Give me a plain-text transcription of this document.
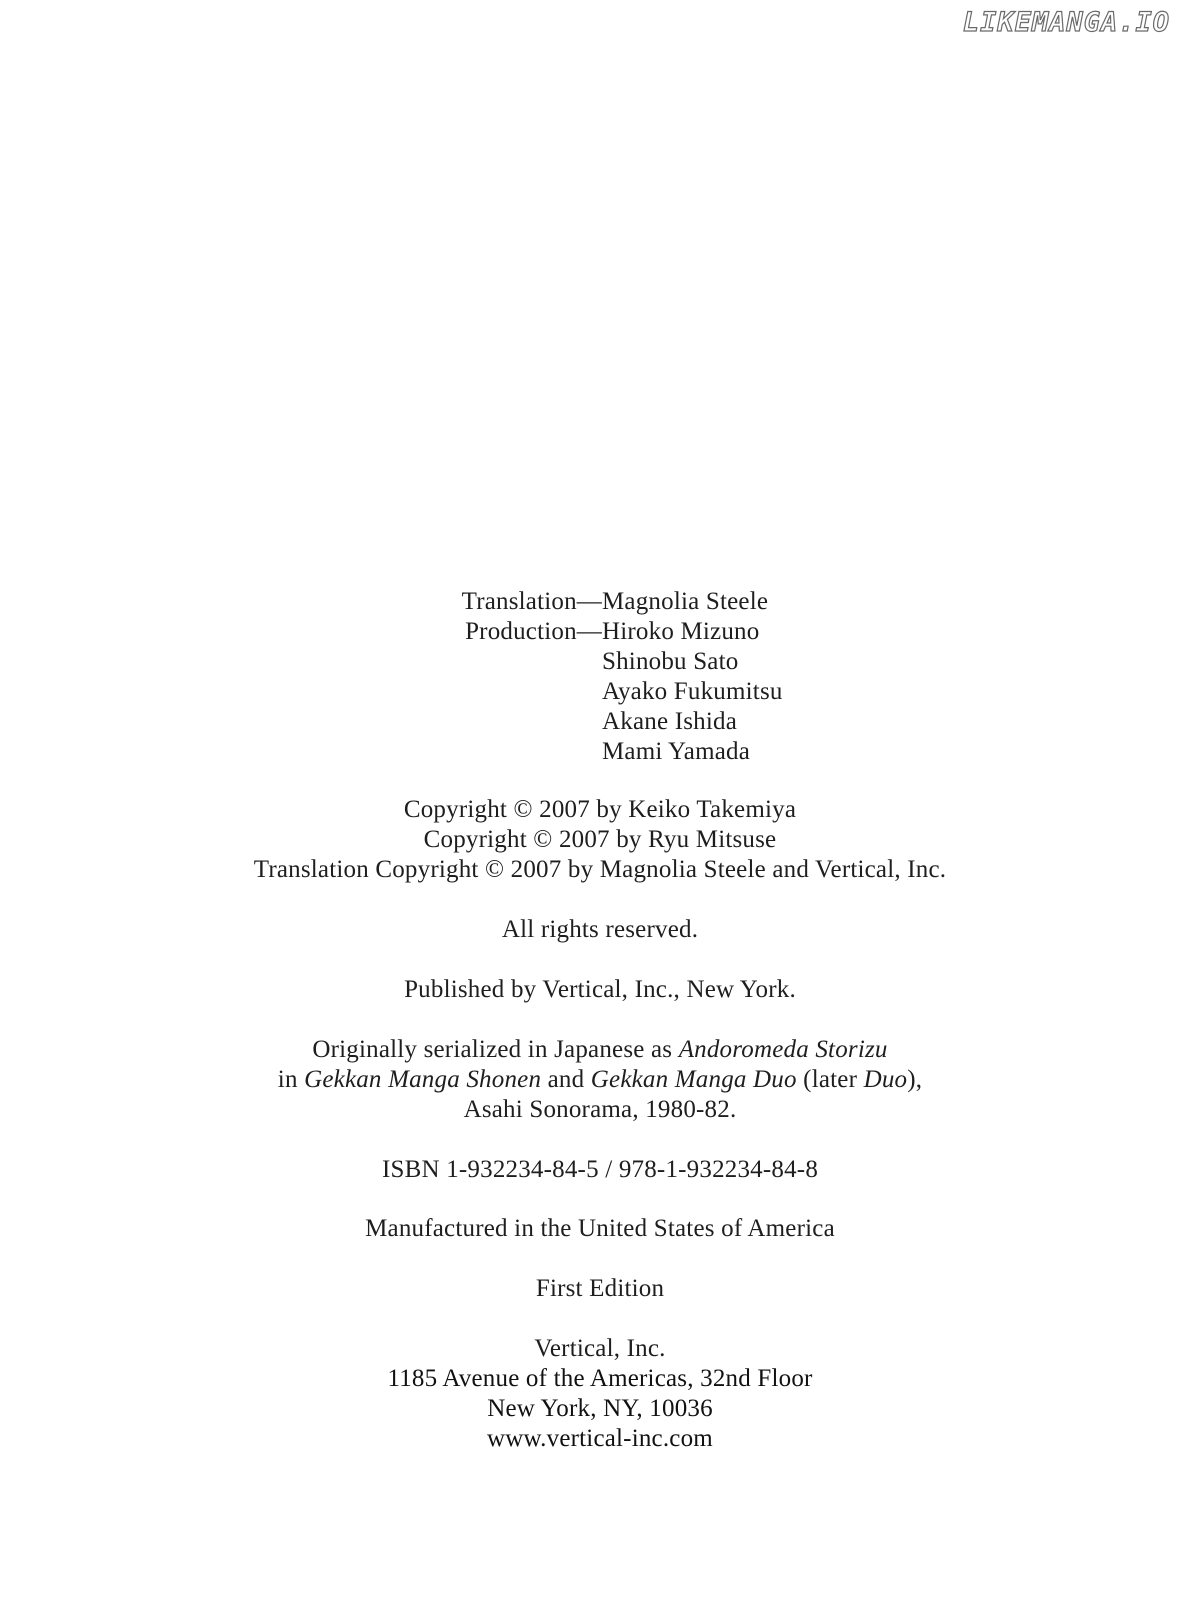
LIKEMANGA.IO
Translation— Magnolia Steele
Production— Hiroko Mizuno
Shinobu Sato
Ayako Fukumitsu
Akane Ishida
Mami Yamada
Copyright © 2007 by Keiko Takemiya
Copyright © 2007 by Ryu Mitsuse
Translation Copyright © 2007 by Magnolia Steele and Vertical, Inc.
All rights reserved.
Published by Vertical, Inc., New York.
Originally serialized in Japanese as Andoromeda Storizu
in Gekkan Manga Shonen and Gekkan Manga Duo (later Duo),
Asahi Sonorama, 1980-82.
ISBN 1-932234-84-5 / 978-1-932234-84-8
Manufactured in the United States of America
First Edition
Vertical, Inc.
1185 Avenue of the Americas, 32nd Floor
New York, NY, 10036
www.vertical-inc.com
